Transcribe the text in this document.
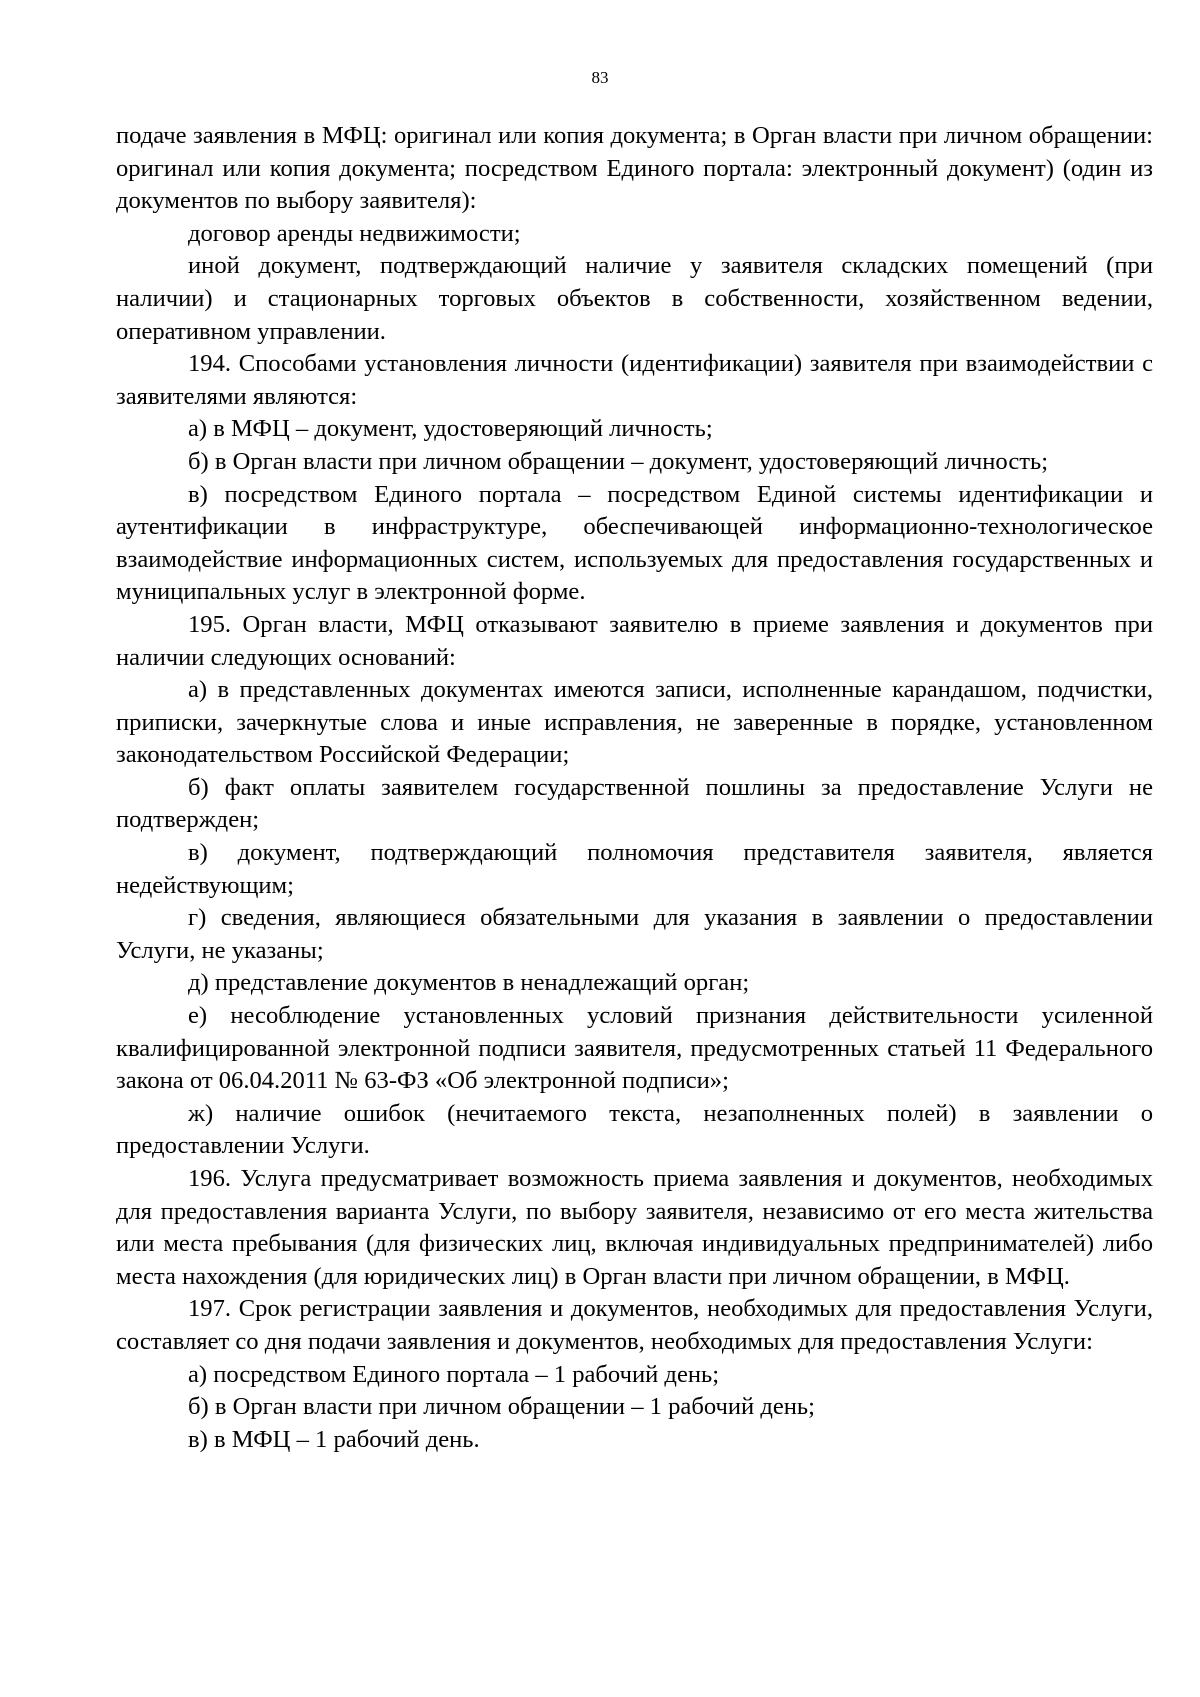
83

подаче заявления в МФЦ: оригинал или копия документа; в Орган власти при личном обращении: оригинал или копия документа; посредством Единого портала: электронный документ) (один из документов по выбору заявителя):

договор аренды недвижимости;

иной документ, подтверждающий наличие у заявителя складских помещений (при наличии) и стационарных торговых объектов в собственности, хозяйственном ведении, оперативном управлении.

194. Способами установления личности (идентификации) заявителя при взаимодействии с заявителями являются:

а) в МФЦ – документ, удостоверяющий личность;

б) в Орган власти при личном обращении – документ, удостоверяющий личность;

в) посредством Единого портала – посредством Единой системы идентификации и аутентификации в инфраструктуре, обеспечивающей информационно-технологическое взаимодействие информационных систем, используемых для предоставления государственных и муниципальных услуг в электронной форме.

195. Орган власти, МФЦ отказывают заявителю в приеме заявления и документов при наличии следующих оснований:

а) в представленных документах имеются записи, исполненные карандашом, подчистки, приписки, зачеркнутые слова и иные исправления, не заверенные в порядке, установленном законодательством Российской Федерации;

б) факт оплаты заявителем государственной пошлины за предоставление Услуги не подтвержден;

в) документ, подтверждающий полномочия представителя заявителя, является недействующим;

г) сведения, являющиеся обязательными для указания в заявлении о предоставлении Услуги, не указаны;

д) представление документов в ненадлежащий орган;

е) несоблюдение установленных условий признания действительности усиленной квалифицированной электронной подписи заявителя, предусмотренных статьей 11 Федерального закона от 06.04.2011 № 63-ФЗ «Об электронной подписи»;

ж) наличие ошибок (нечитаемого текста, незаполненных полей) в заявлении о предоставлении Услуги.

196. Услуга предусматривает возможность приема заявления и документов, необходимых для предоставления варианта Услуги, по выбору заявителя, независимо от его места жительства или места пребывания (для физических лиц, включая индивидуальных предпринимателей) либо места нахождения (для юридических лиц) в Орган власти при личном обращении, в МФЦ.

197. Срок регистрации заявления и документов, необходимых для предоставления Услуги, составляет со дня подачи заявления и документов, необходимых для предоставления Услуги:

а) посредством Единого портала – 1 рабочий день;

б) в Орган власти при личном обращении – 1 рабочий день;

в) в МФЦ – 1 рабочий день.
